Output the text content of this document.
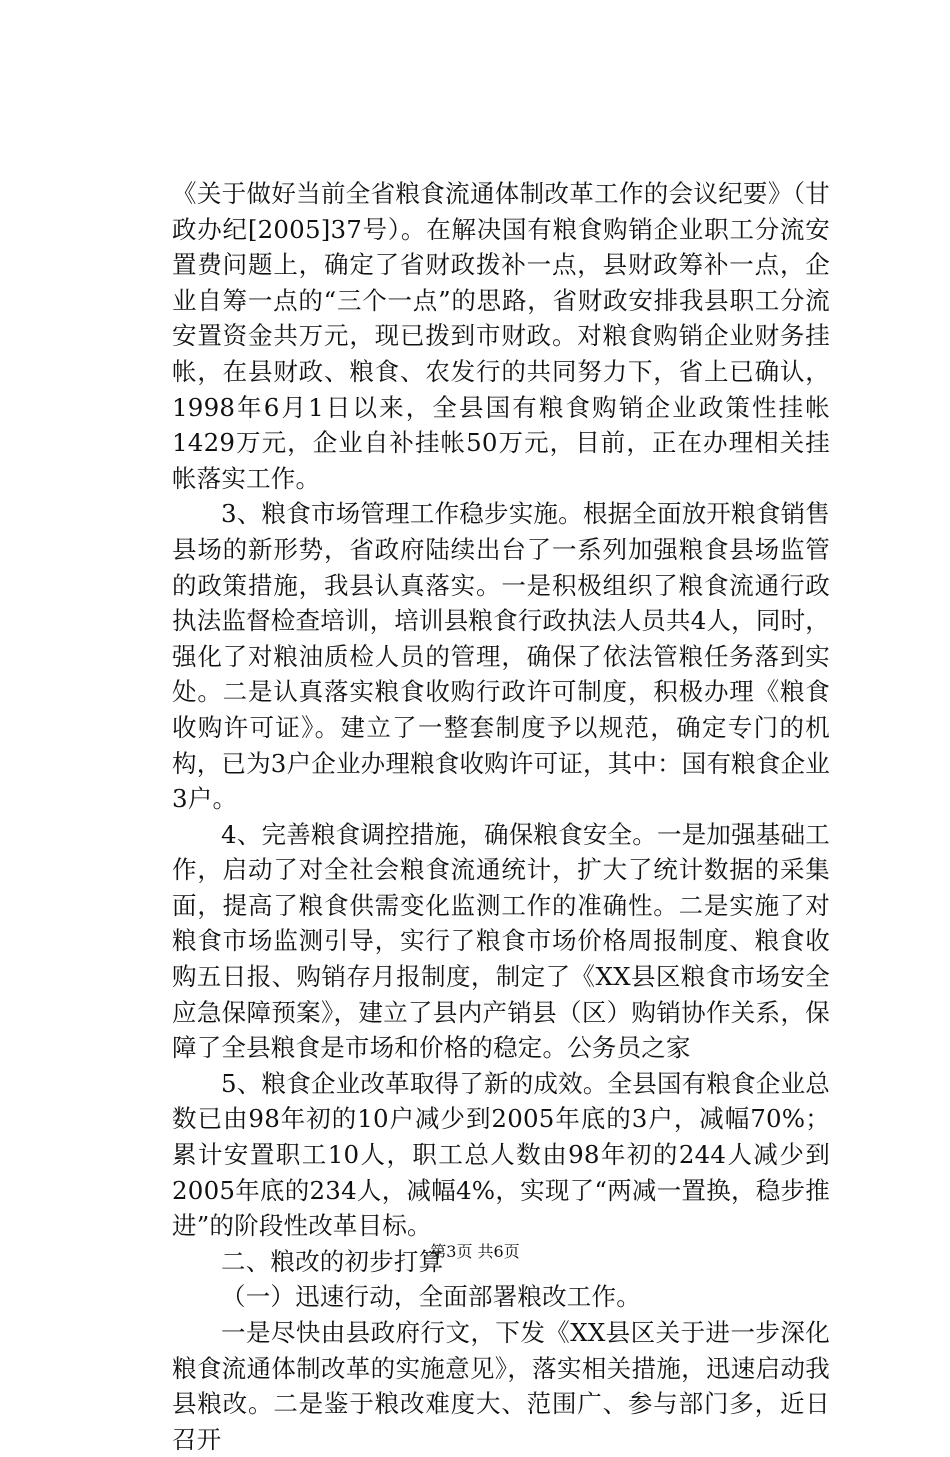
《关于做好当前全省粮食流通体制改革工作的会议纪要》（甘政办纪[2005]37号）。在解决国有粮食购销企业职工分流安置费问题上，确定了省财政拨补一点，县财政筹补一点，企业自筹一点的“三个一点”的思路，省财政安排我县职工分流安置资金共万元，现已拨到市财政。对粮食购销企业财务挂帐，在县财政、粮食、农发行的共同努力下，省上已确认，1998年6月1日以来，全县国有粮食购销企业政策性挂帐1429万元，企业自补挂帐50万元，目前，正在办理相关挂帐落实工作。

3、粮食市场管理工作稳步实施。根据全面放开粮食销售县场的新形势，省政府陆续出台了一系列加强粮食县场监管的政策措施，我县认真落实。一是积极组织了粮食流通行政执法监督检查培训，培训县粮食行政执法人员共4人，同时，强化了对粮油质检人员的管理，确保了依法管粮任务落到实处。二是认真落实粮食收购行政许可制度，积极办理《粮食收购许可证》。建立了一整套制度予以规范，确定专门的机构，已为3户企业办理粮食收购许可证，其中：国有粮食企业3户。

4、完善粮食调控措施，确保粮食安全。一是加强基础工作，启动了对全社会粮食流通统计，扩大了统计数据的采集面，提高了粮食供需变化监测工作的准确性。二是实施了对粮食市场监测引导，实行了粮食市场价格周报制度、粮食收购五日报、购销存月报制度，制定了《XX县区粮食市场安全应急保障预案》，建立了县内产销县（区）购销协作关系，保障了全县粮食是市场和价格的稳定。公务员之家

5、粮食企业改革取得了新的成效。全县国有粮食企业总数已由98年初的10户减少到2005年底的3户，减幅70%；累计安置职工10人，职工总人数由98年初的244人减少到2005年底的234人，减幅4%，实现了“两减一置换，稳步推进”的阶段性改革目标。

二、粮改的初步打算

（一）迅速行动，全面部署粮改工作。

一是尽快由县政府行文，下发《XX县区关于进一步深化粮食流通体制改革的实施意见》，落实相关措施，迅速启动我县粮改。二是鉴于粮改难度大、范围广、参与部门多，近日召开

第3页 共6页
